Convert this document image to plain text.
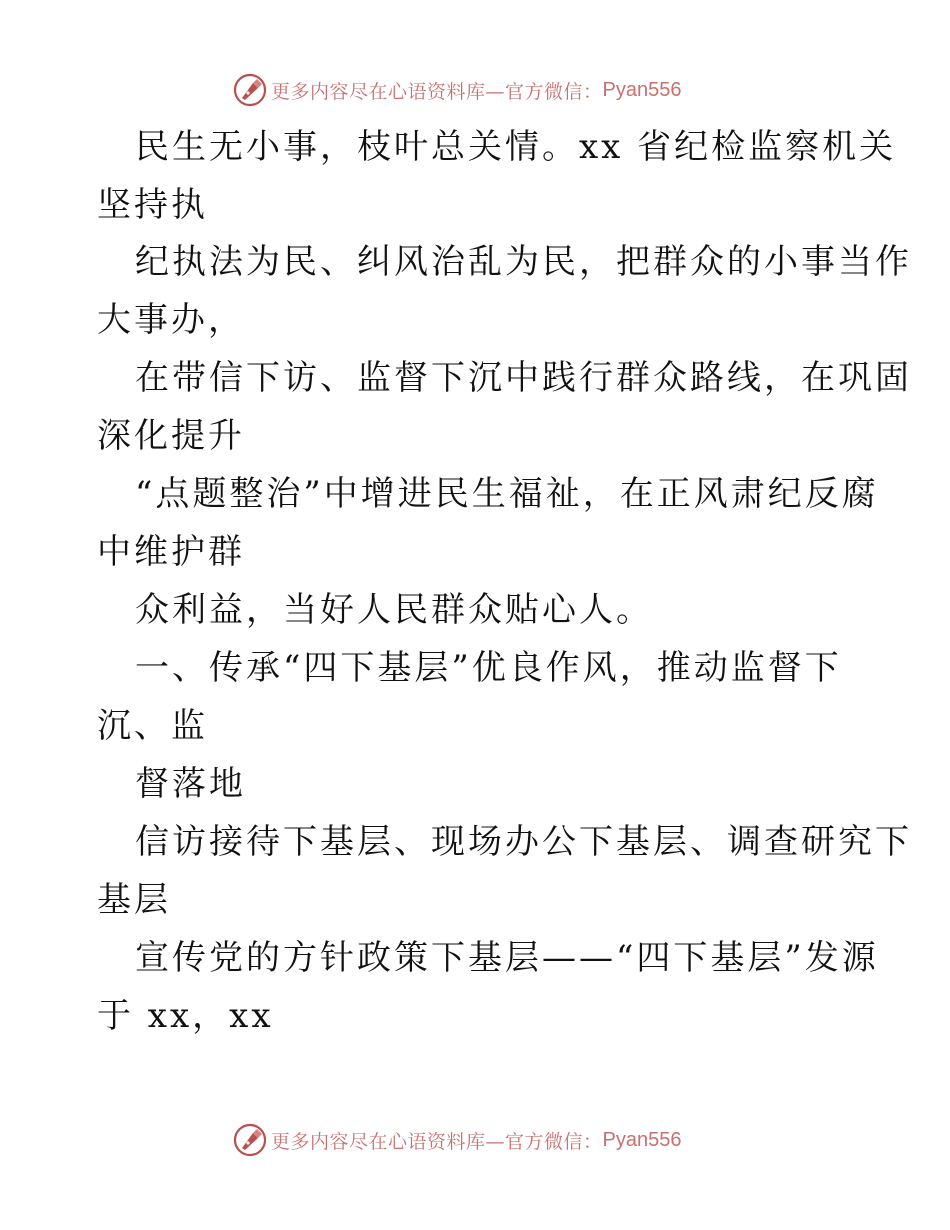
更多内容尽在心语资料库—官方微信： Pyan556
民生无小事，枝叶总关情。xx 省纪检监察机关
坚持执
纪执法为民、纠风治乱为民，把群众的小事当作
大事办，
在带信下访、监督下沉中践行群众路线，在巩固
深化提升
“点题整治”中增进民生福祉，在正风肃纪反腐
中维护群
众利益，当好人民群众贴心人。
一、传承“四下基层”优良作风，推动监督下
沉、监
督落地
信访接待下基层、现场办公下基层、调查研究下
基层
宣传党的方针政策下基层——“四下基层”发源
于 xx，xx
更多内容尽在心语资料库—官方微信： Pyan556
